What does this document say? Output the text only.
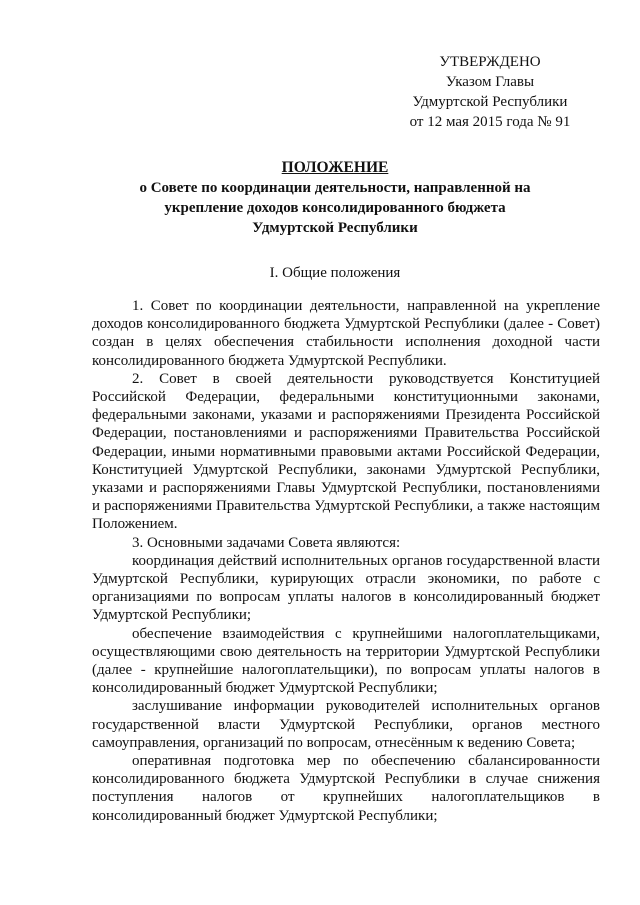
УТВЕРЖДЕНО
Указом Главы
Удмуртской Республики
от 12 мая 2015 года № 91
ПОЛОЖЕНИЕ
о Совете по координации деятельности, направленной на
укрепление доходов консолидированного бюджета
Удмуртской Республики
I. Общие положения

1. Совет по координации деятельности, направленной на укрепление доходов консолидированного бюджета Удмуртской Республики (далее - Совет) создан в целях обеспечения стабильности исполнения доходной части консолидированного бюджета Удмуртской Республики.

2. Совет в своей деятельности руководствуется Конституцией Российской Федерации, федеральными конституционными законами, федеральными законами, указами и распоряжениями Президента Российской Федерации, постановлениями и распоряжениями Правительства Российской Федерации, иными нормативными правовыми актами Российской Федерации, Конституцией Удмуртской Республики, законами Удмуртской Республики, указами и распоряжениями Главы Удмуртской Республики, постановлениями и распоряжениями Правительства Удмуртской Республики, а также настоящим Положением.

3. Основными задачами Совета являются:

координация действий исполнительных органов государственной власти Удмуртской Республики, курирующих отрасли экономики, по работе с организациями по вопросам уплаты налогов в консолидированный бюджет Удмуртской Республики;

обеспечение взаимодействия с крупнейшими налогоплательщиками, осуществляющими свою деятельность на территории Удмуртской Республики (далее - крупнейшие налогоплательщики), по вопросам уплаты налогов в консолидированный бюджет Удмуртской Республики;

заслушивание информации руководителей исполнительных органов государственной власти Удмуртской Республики, органов местного самоуправления, организаций по вопросам, отнесённым к ведению Совета;

оперативная подготовка мер по обеспечению сбалансированности консолидированного бюджета Удмуртской Республики в случае снижения поступления налогов от крупнейших налогоплательщиков в консолидированный бюджет Удмуртской Республики;
